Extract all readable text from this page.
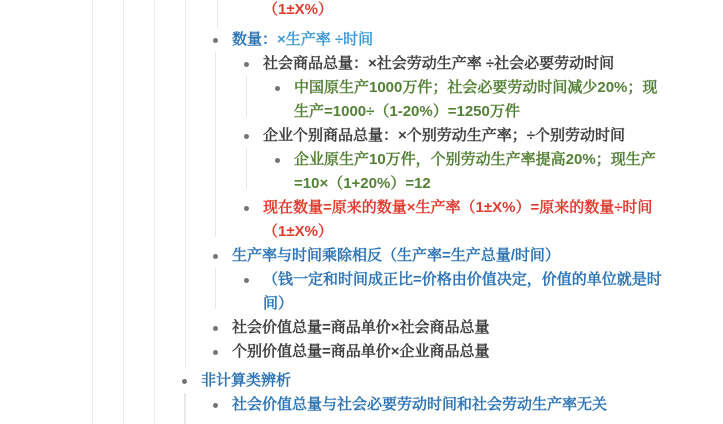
（1±X%）
数量：×生产率 ÷时间
社会商品总量：×社会劳动生产率 ÷社会必要劳动时间
中国原生产1000万件；社会必要劳动时间减少20%；现生产=1000÷（1-20%）=1250万件
企业个别商品总量：×个别劳动生产率；÷个别劳动时间
企业原生产10万件，个别劳动生产率提高20%；现生产=10×（1+20%）=12
现在数量=原来的数量×生产率（1±X%）=原来的数量÷时间（1±X%）
生产率与时间乘除相反（生产率=生产总量/时间）
（钱一定和时间成正比=价格由价值决定，价值的单位就是时间）
社会价值总量=商品单价×社会商品总量
个别价值总量=商品单价×企业商品总量
非计算类辨析
社会价值总量与社会必要劳动时间和社会劳动生产率无关
